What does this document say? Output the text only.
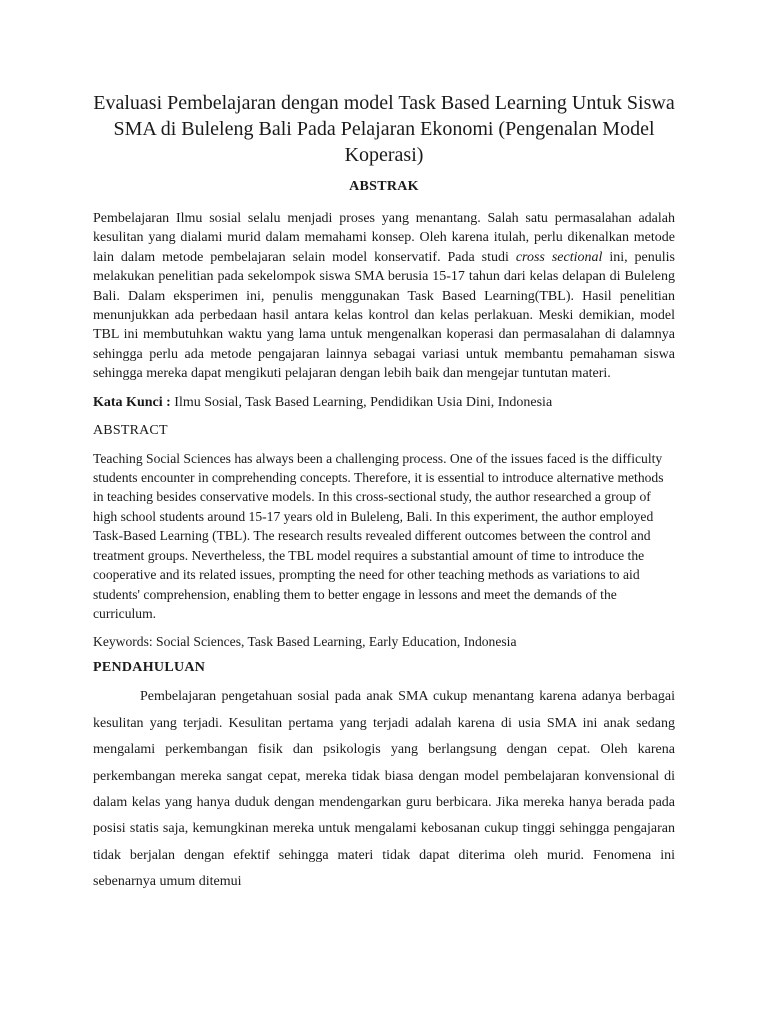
Evaluasi Pembelajaran dengan model Task Based Learning Untuk Siswa SMA di Buleleng Bali Pada Pelajaran Ekonomi (Pengenalan Model Koperasi)
ABSTRAK

Pembelajaran Ilmu sosial selalu menjadi proses yang menantang. Salah satu permasalahan adalah kesulitan yang dialami murid dalam memahami konsep. Oleh karena itulah, perlu dikenalkan metode lain dalam metode pembelajaran selain model konservatif. Pada studi cross sectional ini, penulis melakukan penelitian pada sekelompok siswa SMA berusia 15-17 tahun dari kelas delapan di Buleleng Bali. Dalam eksperimen ini, penulis menggunakan Task Based Learning(TBL). Hasil penelitian menunjukkan ada perbedaan hasil antara kelas kontrol dan kelas perlakuan. Meski demikian, model TBL ini membutuhkan waktu yang lama untuk mengenalkan koperasi dan permasalahan di dalamnya sehingga perlu ada metode pengajaran lainnya sebagai variasi untuk membantu pemahaman siswa sehingga mereka dapat mengikuti pelajaran dengan lebih baik dan mengejar tuntutan materi.

Kata Kunci : Ilmu Sosial, Task Based Learning, Pendidikan Usia Dini, Indonesia

ABSTRACT

Teaching Social Sciences has always been a challenging process. One of the issues faced is the difficulty students encounter in comprehending concepts. Therefore, it is essential to introduce alternative methods in teaching besides conservative models. In this cross-sectional study, the author researched a group of high school students around 15-17 years old in Buleleng, Bali. In this experiment, the author employed Task-Based Learning (TBL). The research results revealed different outcomes between the control and treatment groups. Nevertheless, the TBL model requires a substantial amount of time to introduce the cooperative and its related issues, prompting the need for other teaching methods as variations to aid students' comprehension, enabling them to better engage in lessons and meet the demands of the curriculum.

Keywords: Social Sciences, Task Based Learning, Early Education, Indonesia

PENDAHULUAN

Pembelajaran pengetahuan sosial pada anak SMA cukup menantang karena adanya berbagai kesulitan yang terjadi. Kesulitan pertama yang terjadi adalah karena di usia SMA ini anak sedang mengalami perkembangan fisik dan psikologis yang berlangsung dengan cepat. Oleh karena perkembangan mereka sangat cepat, mereka tidak biasa dengan model pembelajaran konvensional di dalam kelas yang hanya duduk dengan mendengarkan guru berbicara. Jika mereka hanya berada pada posisi statis saja, kemungkinan mereka untuk mengalami kebosanan cukup tinggi sehingga pengajaran tidak berjalan dengan efektif sehingga materi tidak dapat diterima oleh murid. Fenomena ini sebenarnya umum ditemui
